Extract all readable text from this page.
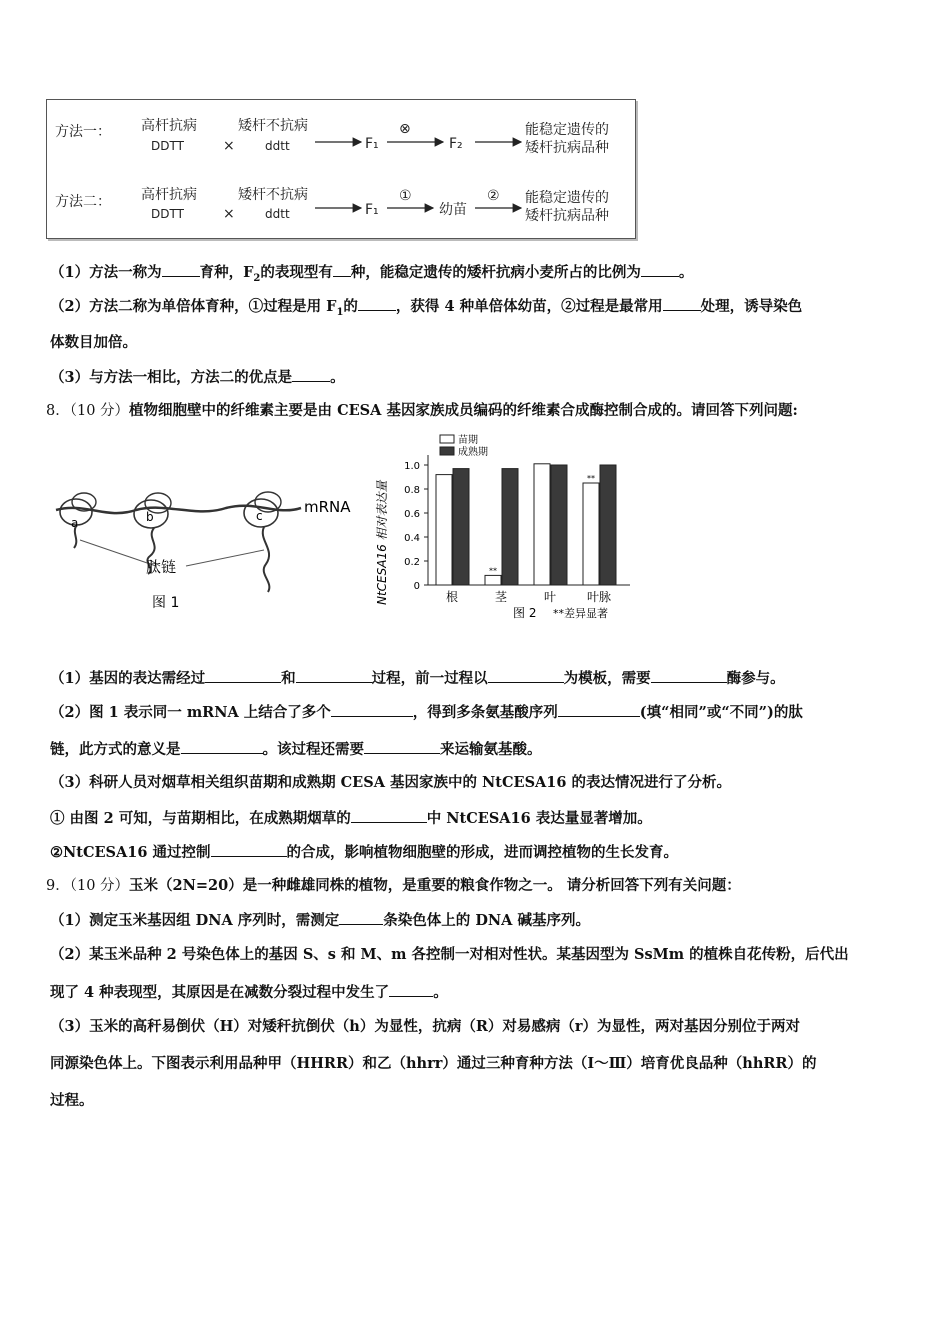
方法一： 高杆抗病
DDTT	×
矮杆不抗病
ddtt	F₁
⊗
F₂
能稳定遗传的
矮杆抗病品种
方法二： 高杆抗病
DDTT	×
矮杆不抗病
ddtt	F₁
①
幼苗
② 能稳定遗传的
矮杆抗病品种
（1）方法一称为	育种，$F_2$的表现型有 种，能稳定遗传的矮杆抗病小麦所占的比例为	。
（2）方法二称为单倍体育种，①过程是用 $F_1$的	，获得 4 种单倍体幼苗，②过程是最常用	处理，诱导染色
体数目加倍。
（3）与方法一相比，方法二的优点是	。
8．（10 分）植物细胞壁中的纤维素主要是由 CESA 基因家族成员编码的纤维素合成酶控制合成的。请回答下列问题:
a	b	c	mRNA
肽链
图 1	NtCESA16 相对表达量 0
0.2
0.4
0.6
0.8
1.0
**
**
根	茎	叶	叶脉
苗期
成熟期
图 2 **差异显著
（1）基因的表达需经过	和	过程，前一过程以	为模板，需要	酶参与。
（2）图 1 表示同一 mRNA 上结合了多个	，得到多条氨基酸序列	(填“相同”或“不同”)的肽
链，此方式的意义是	。该过程还需要	来运输氨基酸。
（3）科研人员对烟草相关组织苗期和成熟期 CESA 基因家族中的 NtCESA16 的表达情况进行了分析。
① 由图 2 可知，与苗期相比，在成熟期烟草的	中 NtCESA16 表达量显著增加。
②NtCESA16 通过控制	的合成，影响植物细胞壁的形成，进而调控植物的生长发育。
9．（10 分）玉米（2N=20）是一种雌雄同株的植物，是重要的粮食作物之一。 请分析回答下列有关问题：
（1）测定玉米基因组 DNA 序列时，需测定	条染色体上的 DNA 碱基序列。
（2）某玉米品种 2 号染色体上的基因 S、s 和 M、m 各控制一对相对性状。某基因型为 SsMm 的植株自花传粉，后代出
现了 4 种表现型，其原因是在减数分裂过程中发生了	。
（3）玉米的高秆易倒伏（H）对矮秆抗倒伏（h）为显性，抗病（R）对易感病（r）为显性，两对基因分别位于两对
同源染色体上。下图表示利用品种甲（HHRR）和乙（hhrr）通过三种育种方法（Ⅰ～Ⅲ）培育优良品种（hhRR）的
过程。
